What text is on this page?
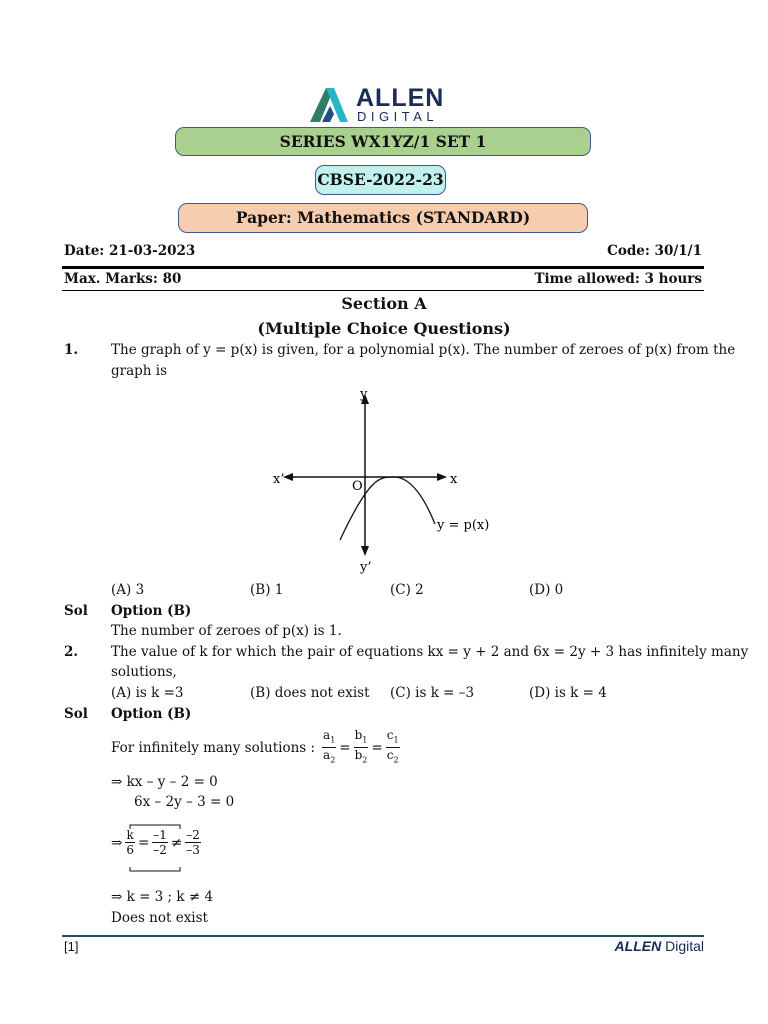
ALLEN
DIGITAL
SERIES WX1YZ/1 SET 1
CBSE-2022-23
Paper: Mathematics (STANDARD)
Date: 21-03-2023	Code: 30/1/1
Max. Marks: 80	Time allowed: 3 hours
Section A
(Multiple Choice Questions)
1. The graph of y = p(x) is given, for a polynomial p(x). The number of zeroes of p(x) from the
graph is
y
y’
x
x’	O
y = p(x)
(A) 3	(B) 1	(C) 2	(D) 0
Sol Option (B)
The number of zeroes of p(x) is 1.
2. The value of k for which the pair of equations kx = y + 2 and 6x = 2y + 3 has infinitely many
solutions,
(A) is k =3	(B) does not exist (C) is k = –3	(D) is k = 4
Sol Option (B)
For infinitely many solutions : $\frac{a_1}{a_2} = \frac{b_1}{b_2} = \frac{c_1}{c_2}$
⇒ kx – y – 2 = 0
6x – 2y – 3 = 0
⇒ $\frac{k}{6} = \frac{-1}{-2} \ne \frac{-2}{-3}$
⇒ k = 3 ; k ≠ 4
Does not exist
[1]	ALLEN Digital
